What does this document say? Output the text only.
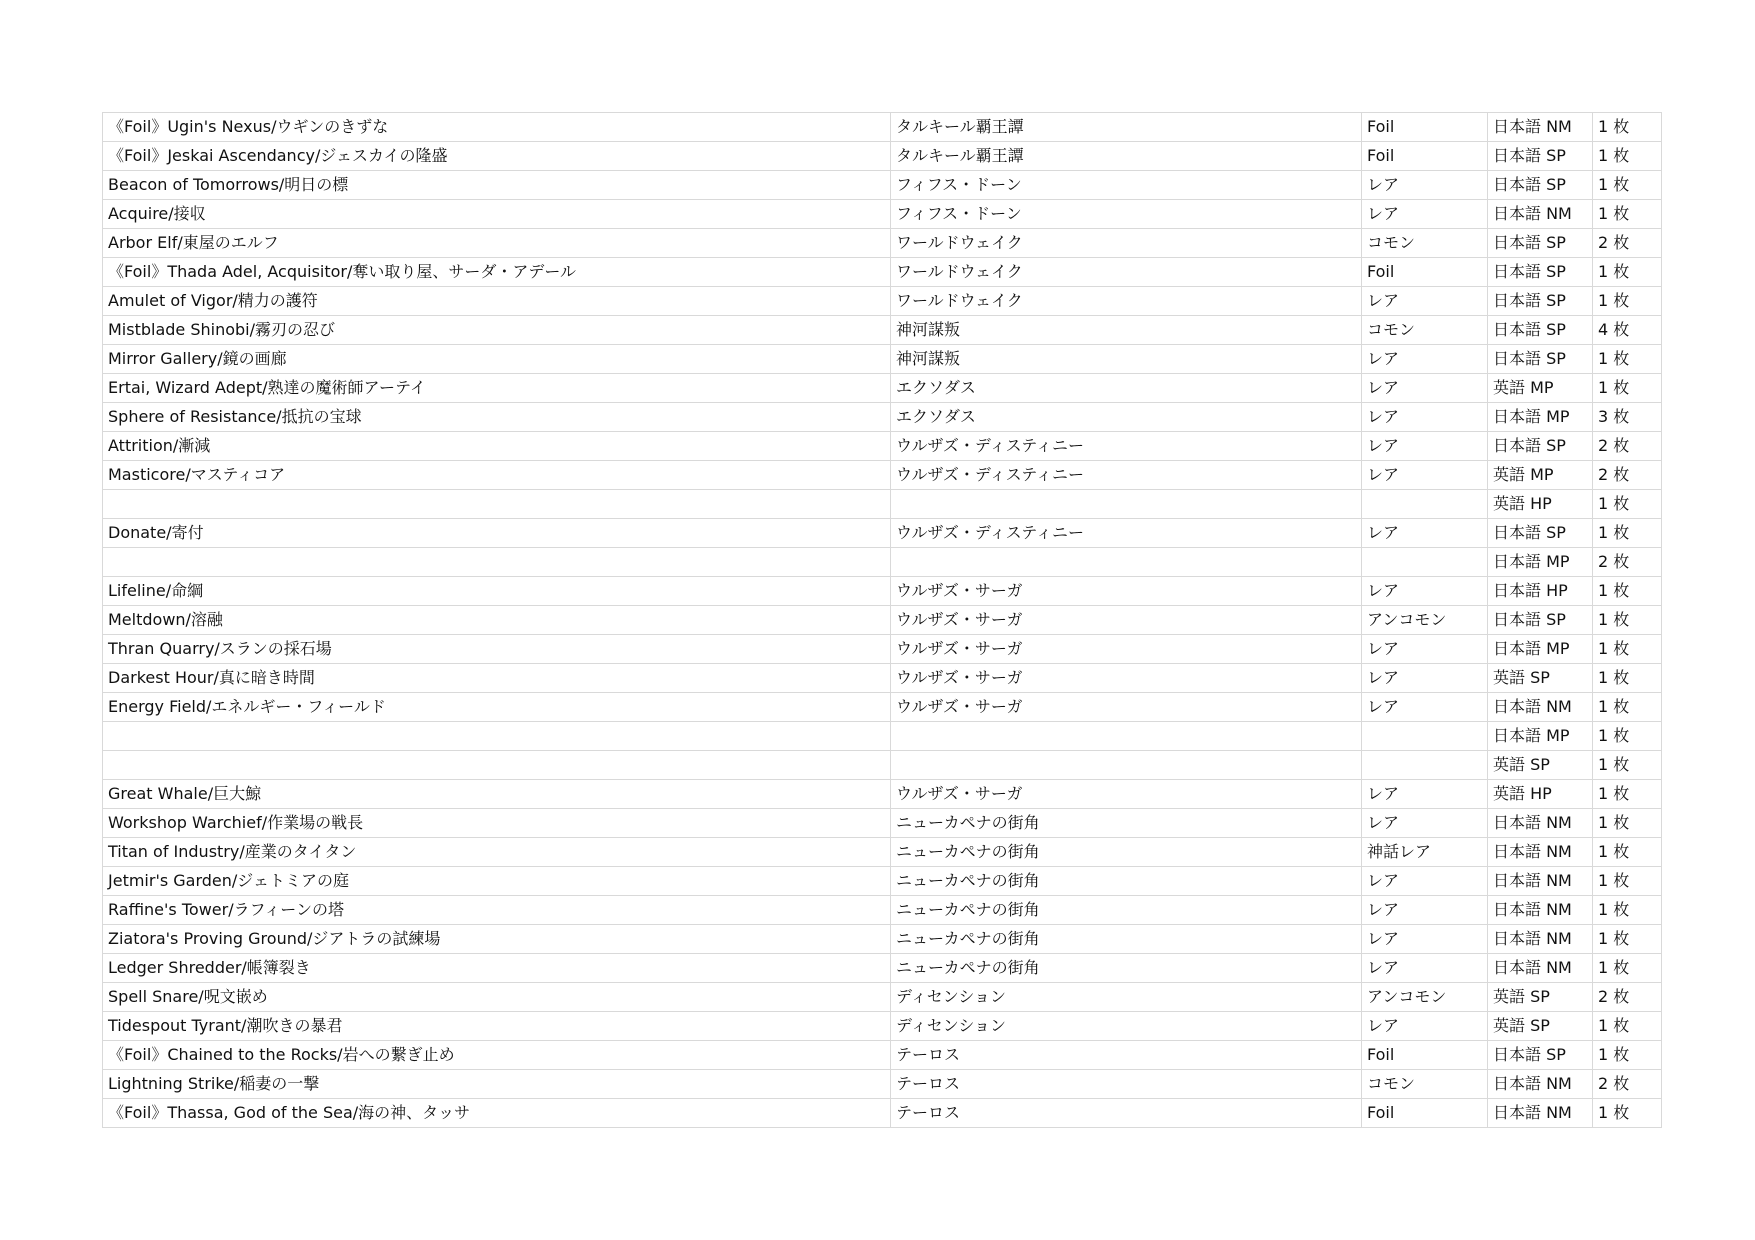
《Foil》Ugin's Nexus/ウギンのきずな	タルキール覇王譚	Foil	日本語 NM	1 枚
《Foil》Jeskai Ascendancy/ジェスカイの隆盛	タルキール覇王譚	Foil	日本語 SP	1 枚
Beacon of Tomorrows/明日の標	フィフス・ドーン	レア	日本語 SP	1 枚
Acquire/接収	フィフス・ドーン	レア	日本語 NM	1 枚
Arbor Elf/東屋のエルフ	ワールドウェイク	コモン	日本語 SP	2 枚
《Foil》Thada Adel, Acquisitor/奪い取り屋、サーダ・アデール	ワールドウェイク	Foil	日本語 SP	1 枚
Amulet of Vigor/精力の護符	ワールドウェイク	レア	日本語 SP	1 枚
Mistblade Shinobi/霧刃の忍び	神河謀叛	コモン	日本語 SP	4 枚
Mirror Gallery/鏡の画廊	神河謀叛	レア	日本語 SP	1 枚
Ertai, Wizard Adept/熟達の魔術師アーテイ	エクソダス	レア	英語 MP	1 枚
Sphere of Resistance/抵抗の宝球	エクソダス	レア	日本語 MP	3 枚
Attrition/漸減	ウルザズ・ディスティニー	レア	日本語 SP	2 枚
Masticore/マスティコア	ウルザズ・ディスティニー	レア	英語 MP	2 枚
			英語 HP	1 枚
Donate/寄付	ウルザズ・ディスティニー	レア	日本語 SP	1 枚
			日本語 MP	2 枚
Lifeline/命綱	ウルザズ・サーガ	レア	日本語 HP	1 枚
Meltdown/溶融	ウルザズ・サーガ	アンコモン	日本語 SP	1 枚
Thran Quarry/スランの採石場	ウルザズ・サーガ	レア	日本語 MP	1 枚
Darkest Hour/真に暗き時間	ウルザズ・サーガ	レア	英語 SP	1 枚
Energy Field/エネルギー・フィールド	ウルザズ・サーガ	レア	日本語 NM	1 枚
			日本語 MP	1 枚
			英語 SP	1 枚
Great Whale/巨大鯨	ウルザズ・サーガ	レア	英語 HP	1 枚
Workshop Warchief/作業場の戦長	ニューカペナの街角	レア	日本語 NM	1 枚
Titan of Industry/産業のタイタン	ニューカペナの街角	神話レア	日本語 NM	1 枚
Jetmir's Garden/ジェトミアの庭	ニューカペナの街角	レア	日本語 NM	1 枚
Raffine's Tower/ラフィーンの塔	ニューカペナの街角	レア	日本語 NM	1 枚
Ziatora's Proving Ground/ジアトラの試練場	ニューカペナの街角	レア	日本語 NM	1 枚
Ledger Shredder/帳簿裂き	ニューカペナの街角	レア	日本語 NM	1 枚
Spell Snare/呪文嵌め	ディセンション	アンコモン	英語 SP	2 枚
Tidespout Tyrant/潮吹きの暴君	ディセンション	レア	英語 SP	1 枚
《Foil》Chained to the Rocks/岩への繋ぎ止め	テーロス	Foil	日本語 SP	1 枚
Lightning Strike/稲妻の一撃	テーロス	コモン	日本語 NM	2 枚
《Foil》Thassa, God of the Sea/海の神、タッサ	テーロス	Foil	日本語 NM	1 枚
